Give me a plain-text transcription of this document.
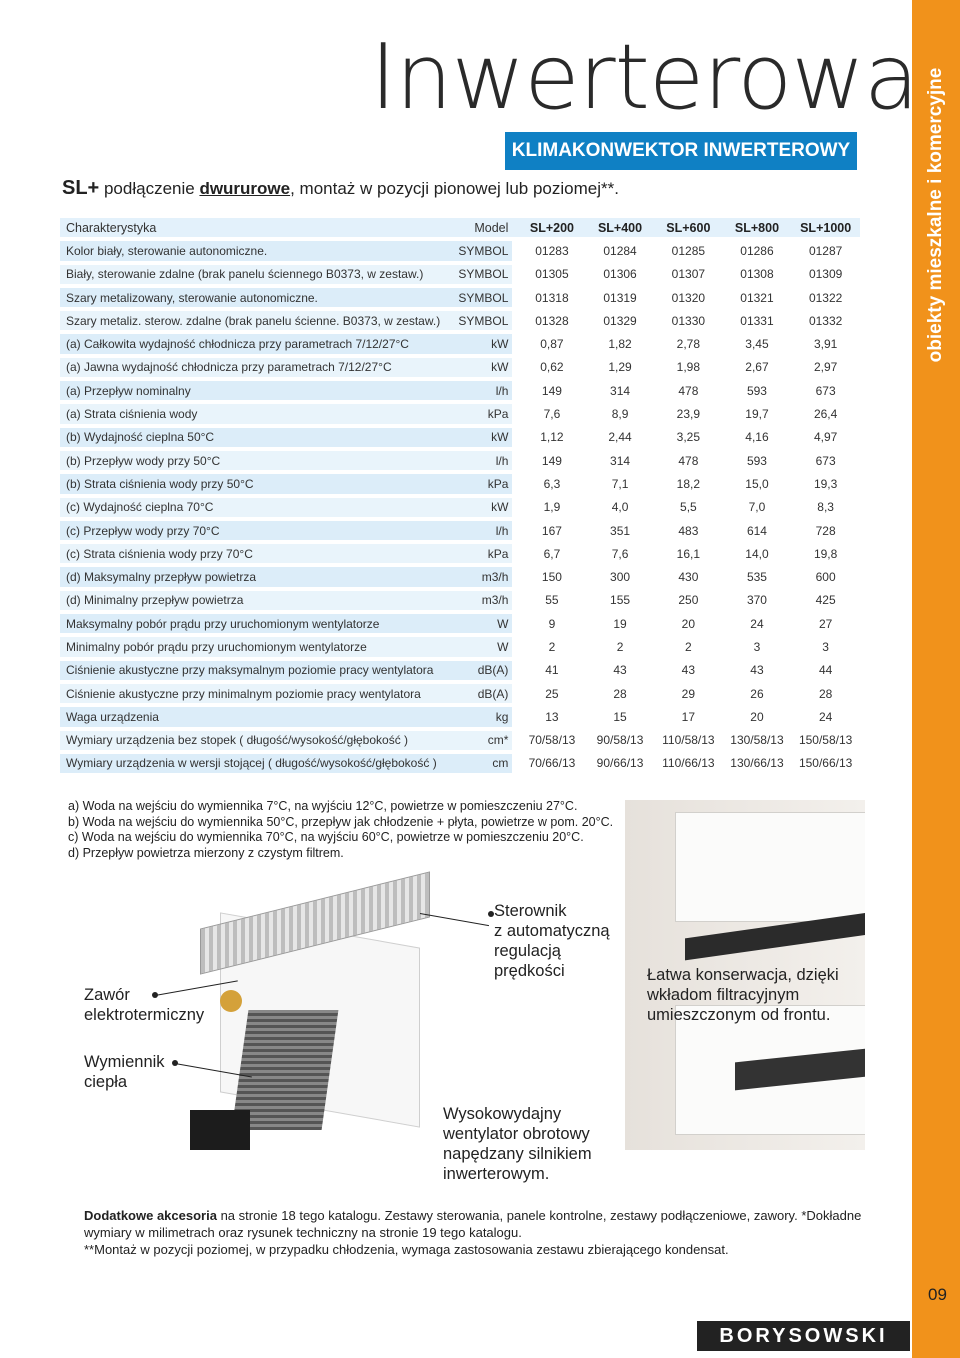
obiekty mieszkalne i komercyjne
Inwerterowa
KLIMAKONWEKTOR INWERTEROWY
SL+ podłączenie dwururowe, montaż w pozycji pionowej lub poziomej**.
Charakterystyka	Model		SL+200	SL+400	SL+600	SL+800	SL+1000
Kolor biały, sterowanie autonomiczne.	SYMBOL		01283	01284	01285	01286	01287
Biały, sterowanie zdalne (brak panelu ściennego B0373, w zestaw.)	SYMBOL		01305	01306	01307	01308	01309
Szary metalizowany, sterowanie autonomiczne.	SYMBOL		01318	01319	01320	01321	01322
Szary metaliz. sterow. zdalne (brak panelu ścienne. B0373, w zestaw.)	SYMBOL		01328	01329	01330	01331	01332
(a) Całkowita wydajność chłodnicza przy parametrach 7/12/27°C	kW		0,87	1,82	2,78	3,45	3,91
(a) Jawna wydajność chłodnicza przy parametrach 7/12/27°C	kW		0,62	1,29	1,98	2,67	2,97
(a) Przepływ nominalny	l/h		149	314	478	593	673
(a) Strata ciśnienia wody	kPa		7,6	8,9	23,9	19,7	26,4
(b) Wydajność cieplna 50°C	kW		1,12	2,44	3,25	4,16	4,97
(b) Przepływ wody przy 50°C	l/h		149	314	478	593	673
(b) Strata ciśnienia wody przy 50°C	kPa		6,3	7,1	18,2	15,0	19,3
(c) Wydajność cieplna 70°C	kW		1,9	4,0	5,5	7,0	8,3
(c) Przepływ wody przy 70°C	l/h		167	351	483	614	728
(c) Strata ciśnienia wody przy 70°C	kPa		6,7	7,6	16,1	14,0	19,8
(d) Maksymalny przepływ powietrza	m3/h		150	300	430	535	600
(d) Minimalny przepływ powietrza	m3/h		55	155	250	370	425
Maksymalny pobór prądu przy uruchomionym wentylatorze	W		9	19	20	24	27
Minimalny pobór prądu przy uruchomionym wentylatorze	W		2	2	2	3	3
Ciśnienie akustyczne przy maksymalnym poziomie pracy wentylatora	dB(A)		41	43	43	43	44
Ciśnienie akustyczne przy minimalnym poziomie pracy wentylatora	dB(A)		25	28	29	26	28
Waga urządzenia	kg		13	15	17	20	24
Wymiary urządzenia bez stopek ( długość/wysokość/głębokość )	cm*		70/58/13	90/58/13	110/58/13	130/58/13	150/58/13
Wymiary urządzenia w wersji stojącej ( długość/wysokość/głębokość )	cm		70/66/13	90/66/13	110/66/13	130/66/13	150/66/13
a) Woda na wejściu do wymiennika 7°C, na wyjściu 12°C, powietrze w pomieszczeniu 27°C.
b) Woda na wejściu do wymiennika 50°C, przepływ jak chłodzenie + płyta, powietrze w pom. 20°C.
c) Woda na wejściu do wymiennika 70°C, na wyjściu 60°C, powietrze w pomieszczeniu 20°C.
d) Przepływ powietrza mierzony z czystym filtrem.
Zawór
elektrotermiczny
Wymiennik
ciepła
Sterownik
z automatyczną
regulacją
prędkości
Wysokowydajny
wentylator obrotowy
napędzany silnikiem
inwerterowym.
Łatwa konserwacja, dzięki
wkładom filtracyjnym
umieszczonym od frontu.
Dodatkowe akcesoria na stronie 18 tego katalogu. Zestawy sterowania, panele kontrolne, zestawy podłączeniowe, zawory. *Dokładne wymiary w milimetrach oraz rysunek techniczny na stronie 19 tego katalogu.
**Montaż w pozycji poziomej, w przypadku chłodzenia, wymaga zastosowania zestawu zbierającego kondensat.
09
BORYSOWSKI
